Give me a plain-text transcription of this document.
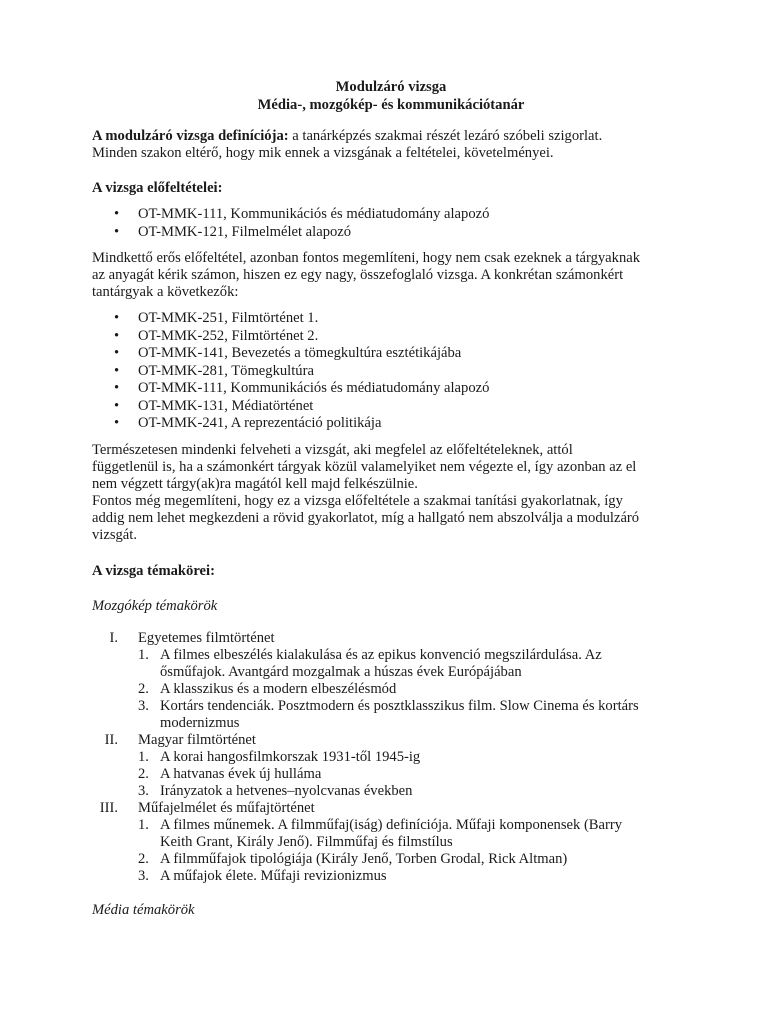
Modulzáró vizsga
Média-, mozgókép- és kommunikációtanár
A modulzáró vizsga definíciója: a tanárképzés szakmai részét lezáró szóbeli szigorlat.
Minden szakon eltérő, hogy mik ennek a vizsgának a feltételei, követelményei.
A vizsga előfeltételei:
• OT-MMK-111, Kommunikációs és médiatudomány alapozó
• OT-MMK-121, Filmelmélet alapozó
Mindkettő erős előfeltétel, azonban fontos megemlíteni, hogy nem csak ezeknek a tárgyaknak
az anyagát kérik számon, hiszen ez egy nagy, összefoglaló vizsga. A konkrétan számonkért
tantárgyak a következők:
• OT-MMK-251, Filmtörténet 1.
• OT-MMK-252, Filmtörténet 2.
• OT-MMK-141, Bevezetés a tömegkultúra esztétikájába
• OT-MMK-281, Tömegkultúra
• OT-MMK-111, Kommunikációs és médiatudomány alapozó
• OT-MMK-131, Médiatörténet
• OT-MMK-241, A reprezentáció politikája
Természetesen mindenki felveheti a vizsgát, aki megfelel az előfeltételeknek, attól
függetlenül is, ha a számonkért tárgyak közül valamelyiket nem végezte el, így azonban az el
nem végzett tárgy(ak)ra magától kell majd felkészülnie.
Fontos még megemlíteni, hogy ez a vizsga előfeltétele a szakmai tanítási gyakorlatnak, így
addig nem lehet megkezdeni a rövid gyakorlatot, míg a hallgató nem abszolválja a modulzáró
vizsgát.
A vizsga témakörei:
Mozgókép témakörök
I. Egyetemes filmtörténet
1. A filmes elbeszélés kialakulása és az epikus konvenció megszilárdulása. Az
ősműfajok. Avantgárd mozgalmak a húszas évek Európájában
2. A klasszikus és a modern elbeszélésmód
3. Kortárs tendenciák. Posztmodern és posztklasszikus film. Slow Cinema és kortárs
modernizmus
II. Magyar filmtörténet
1. A korai hangosfilmkorszak 1931-től 1945-ig
2. A hatvanas évek új hulláma
3. Irányzatok a hetvenes–nyolcvanas években
III. Műfajelmélet és műfajtörténet
1. A filmes műnemek. A filmműfaj(iság) definíciója. Műfaji komponensek (Barry
Keith Grant, Király Jenő). Filmműfaj és filmstílus
2. A filmműfajok tipológiája (Király Jenő, Torben Grodal, Rick Altman)
3. A műfajok élete. Műfaji revizionizmus
Média témakörök
